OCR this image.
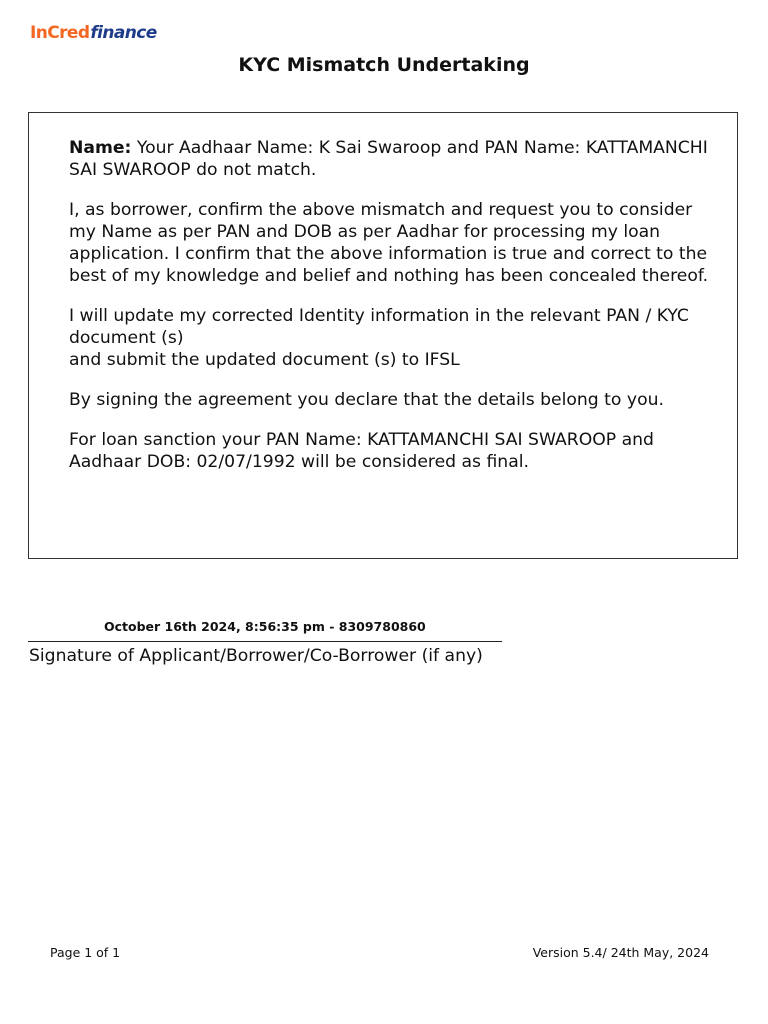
InCredfinance
KYC Mismatch Undertaking

Name: Your Aadhaar Name: K Sai Swaroop and PAN Name: KATTAMANCHI SAI SWAROOP do not match.

I, as borrower, confirm the above mismatch and request you to consider my Name as per PAN and DOB as per Aadhar for processing my loan application. I confirm that the above information is true and correct to the best of my knowledge and belief and nothing has been concealed thereof.

I will update my corrected Identity information in the relevant PAN / KYC document (s)
and submit the updated document (s) to IFSL

By signing the agreement you declare that the details belong to you.

For loan sanction your PAN Name: KATTAMANCHI SAI SWAROOP and Aadhaar DOB: 02/07/1992 will be considered as final.

October 16th 2024, 8:56:35 pm - 8309780860
Signature of Applicant/Borrower/Co-Borrower (if any)
Page 1 of 1	Version 5.4/ 24th May, 2024
